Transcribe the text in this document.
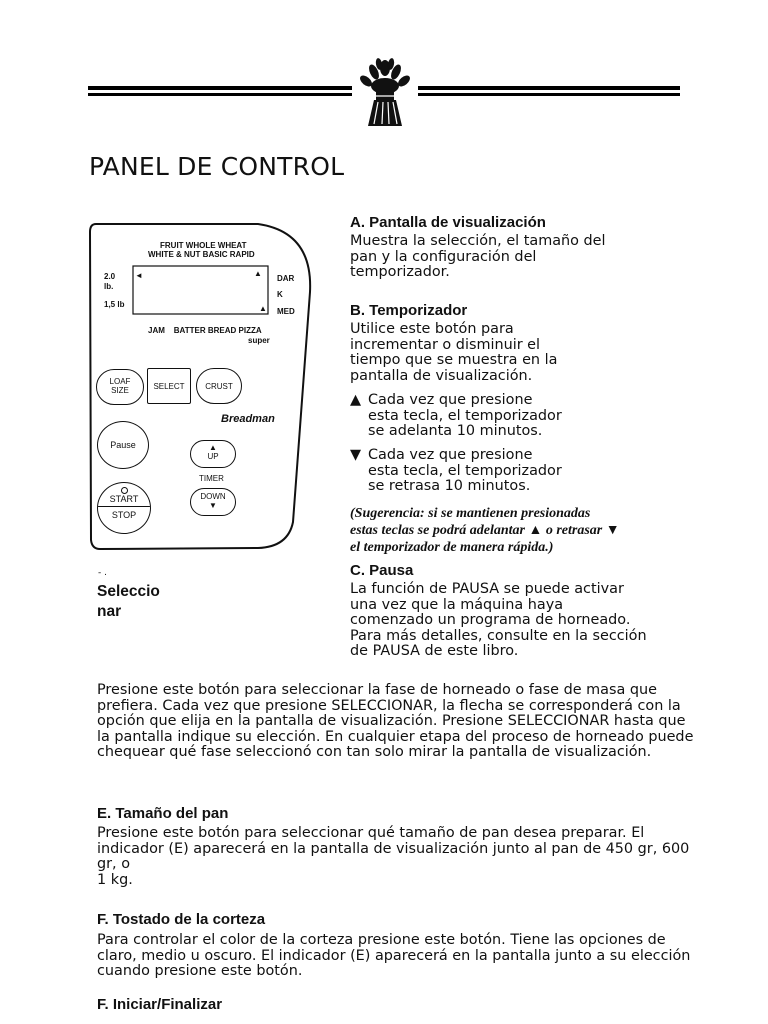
PANEL DE CONTROL
FRUIT WHOLE WHEAT
WHITE & NUT BASIC RAPID
2.0
lb.
1,5 lb
◄	▲
▲
DAR
K
MED
JAM    BATTER BREAD PIZZA
super
LOAF
SIZE	SELECT	CRUST
Breadman
Pause	▲
UP
TIMER
START
STOP
DOWN
▼
- .
Seleccio
nar
A. Pantalla de visualización
Muestra la selección, el tamaño del pan y la configuración del temporizador.
B. Temporizador
Utilice este botón para incrementar o disminuir el tiempo que se muestra en la pantalla de visualización.
▲ Cada vez que presione
esta tecla, el temporizador
se adelanta 10 minutos.
▼ Cada vez que presione
esta tecla, el temporizador
se retrasa 10 minutos.
(Sugerencia: si se mantienen presionadas
estas teclas se podrá adelantar ▲ o retrasar ▼
el temporizador de manera rápida.)
C. Pausa
La función de PAUSA se puede activar una vez que la máquina haya comenzado un programa de horneado. Para más detalles, consulte en la sección de PAUSA de este libro.
Presione este botón para seleccionar la fase de horneado o fase de masa que prefiera. Cada vez que presione SELECCIONAR, la flecha se corresponderá con la opción que elija en la pantalla de visualización. Presione SELECCIONAR hasta que la pantalla indique su elección. En cualquier etapa del proceso de horneado puede chequear qué fase seleccionó con tan solo mirar la pantalla de visualización.
E. Tamaño del pan
Presione este botón para seleccionar qué tamaño de pan desea preparar. El indicador (E) aparecerá en la pantalla de visualización junto al pan de 450 gr, 600 gr, o
1 kg.
F. Tostado de la corteza
Para controlar el color de la corteza presione este botón. Tiene las opciones de claro, medio u oscuro. El indicador (E) aparecerá en la pantalla junto a su elección cuando presione este botón.
F. Iniciar/Finalizar
